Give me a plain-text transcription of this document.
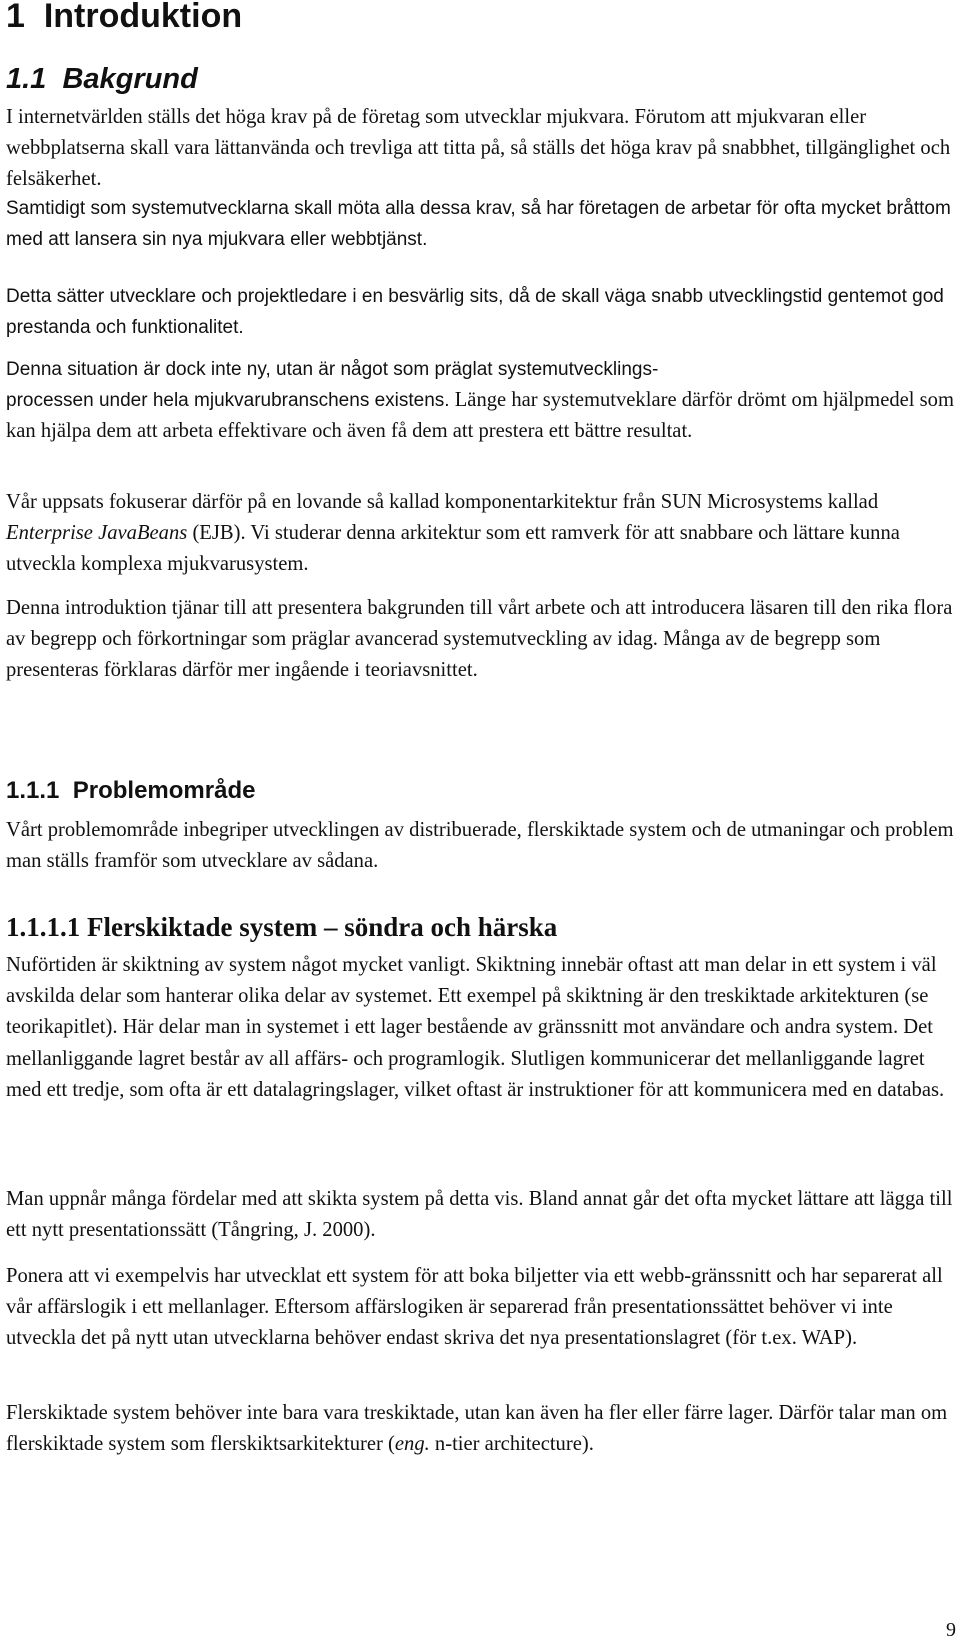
1 Introduktion
1.1 Bakgrund

I internetvärlden ställs det höga krav på de företag som utvecklar mjukvara. Förutom att mjukvaran eller webbplatserna skall vara lättanvända och trevliga att titta på, så ställs det höga krav på snabbhet, tillgänglighet och felsäkerhet.

Samtidigt som systemutvecklarna skall möta alla dessa krav, så har företagen de arbetar för ofta mycket bråttom med att lansera sin nya mjukvara eller webbtjänst.

Detta sätter utvecklare och projektledare i en besvärlig sits, då de skall väga snabb utvecklingstid gentemot god prestanda och funktionalitet.

Denna situation är dock inte ny, utan är något som präglat systemutvecklings-
processen under hela mjukvarubranschens existens. Länge har systemutveklare därför drömt om hjälpmedel som kan hjälpa dem att arbeta effektivare och även få dem att prestera ett bättre resultat.

Vår uppsats fokuserar därför på en lovande så kallad komponentarkitektur från SUN Microsystems kallad Enterprise JavaBeans (EJB). Vi studerar denna arkitektur som ett ramverk för att snabbare och lättare kunna utveckla komplexa mjukvarusystem.

Denna introduktion tjänar till att presentera bakgrunden till vårt arbete och att introducera läsaren till den rika flora av begrepp och förkortningar som präglar avancerad systemutveckling av idag. Många av de begrepp som presenteras förklaras därför mer ingående i teoriavsnittet.

1.1.1 Problemområde

Vårt problemområde inbegriper utvecklingen av distribuerade, flerskiktade system och de utmaningar och problem man ställs framför som utvecklare av sådana.

1.1.1.1 Flerskiktade system – söndra och härska

Nuförtiden är skiktning av system något mycket vanligt. Skiktning innebär oftast att man delar in ett system i väl avskilda delar som hanterar olika delar av systemet. Ett exempel på skiktning är den treskiktade arkitekturen (se teorikapitlet). Här delar man in systemet i ett lager bestående av gränssnitt mot användare och andra system. Det mellanliggande lagret består av all affärs- och programlogik. Slutligen kommunicerar det mellanliggande lagret med ett tredje, som ofta är ett datalagringslager, vilket oftast är instruktioner för att kommunicera med en databas.

Man uppnår många fördelar med att skikta system på detta vis. Bland annat går det ofta mycket lättare att lägga till ett nytt presentationssätt (Tångring, J. 2000).

Ponera att vi exempelvis har utvecklat ett system för att boka biljetter via ett webb-gränssnitt och har separerat all vår affärslogik i ett mellanlager. Eftersom affärslogiken är separerad från presentationssättet behöver vi inte utveckla det på nytt utan utvecklarna behöver endast skriva det nya presentationslagret (för t.ex. WAP).

Flerskiktade system behöver inte bara vara treskiktade, utan kan även ha fler eller färre lager. Därför talar man om flerskiktade system som flerskiktsarkitekturer (eng. n-tier architecture).

9
